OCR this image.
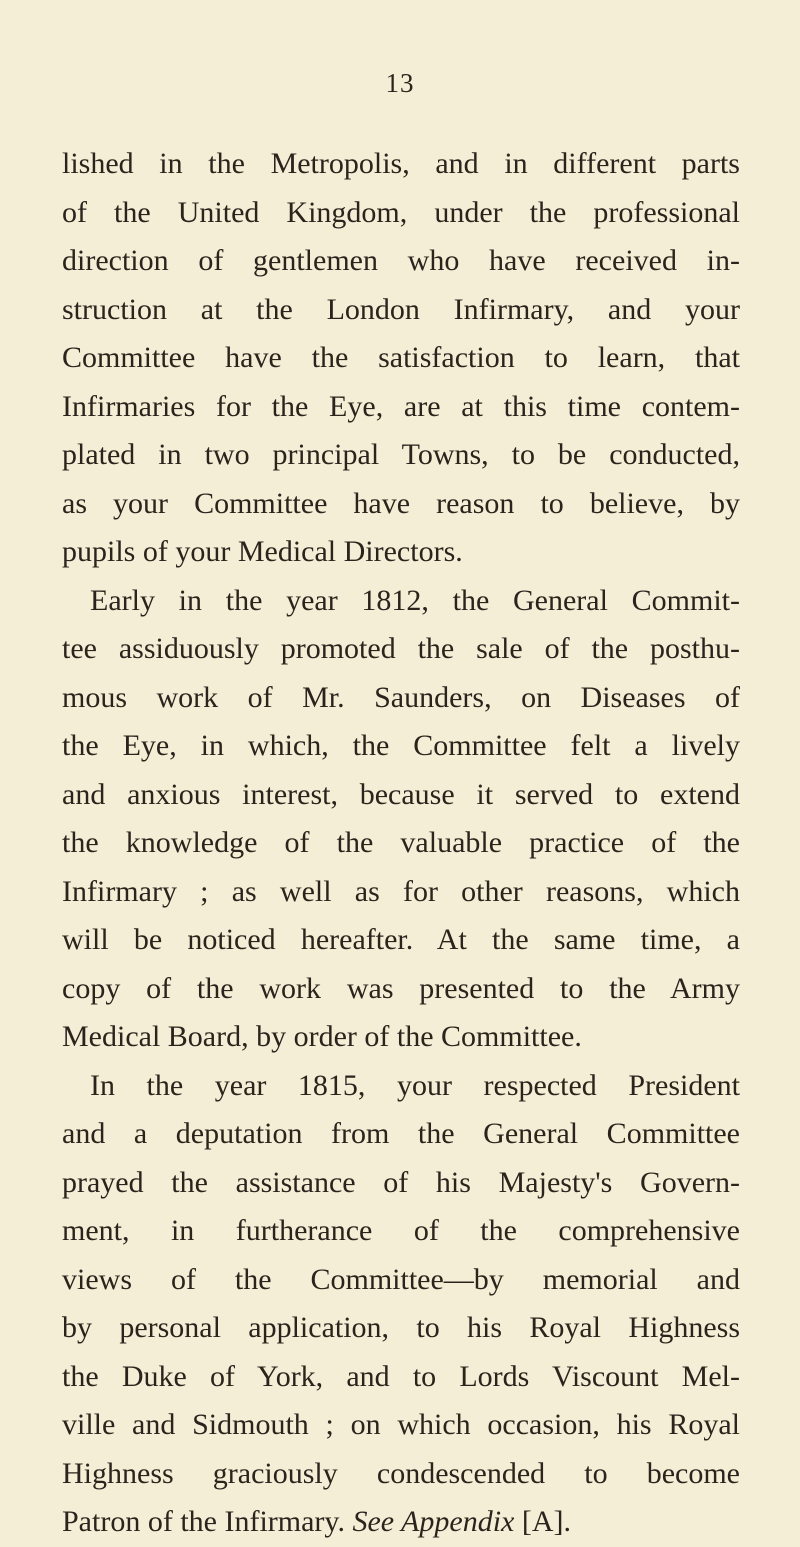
13
lished in the Metropolis, and in different parts
of the United Kingdom, under the professional
direction of gentlemen who have received in-
struction at the London Infirmary, and your
Committee have the satisfaction to learn, that
Infirmaries for the Eye, are at this time contem-
plated in two principal Towns, to be conducted,
as your Committee have reason to believe, by
pupils of your Medical Directors.
Early in the year 1812, the General Commit-
tee assiduously promoted the sale of the posthu-
mous work of Mr. Saunders, on Diseases of
the Eye, in which, the Committee felt a lively
and anxious interest, because it served to extend
the knowledge of the valuable practice of the
Infirmary ; as well as for other reasons, which
will be noticed hereafter. At the same time, a
copy of the work was presented to the Army
Medical Board, by order of the Committee.
In the year 1815, your respected President
and a deputation from the General Committee
prayed the assistance of his Majesty's Govern-
ment, in furtherance of the comprehensive
views of the Committee—by memorial and
by personal application, to his Royal Highness
the Duke of York, and to Lords Viscount Mel-
ville and Sidmouth ; on which occasion, his Royal
Highness graciously condescended to become
Patron of the Infirmary. See Appendix [A].
